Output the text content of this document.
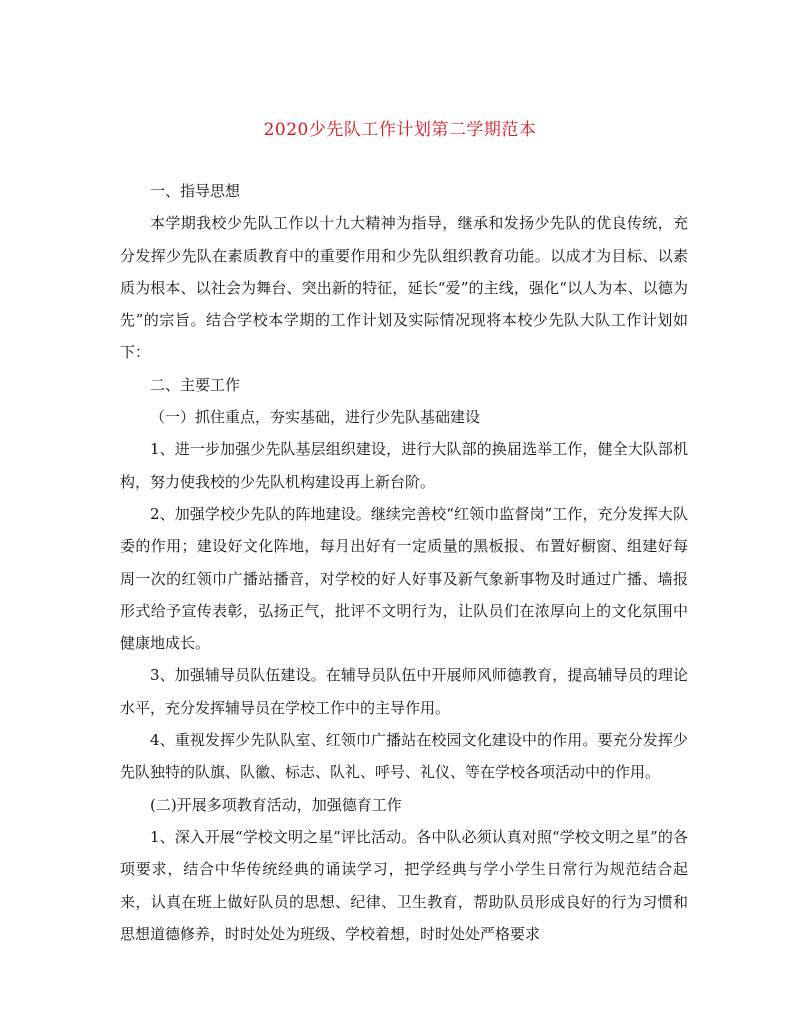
2020少先队工作计划第二学期范本

一、指导思想

本学期我校少先队工作以十九大精神为指导，继承和发扬少先队的优良传统，充分发挥少先队在素质教育中的重要作用和少先队组织教育功能。以成才为目标、以素质为根本、以社会为舞台、突出新的特征，延长“爱”的主线，强化“以人为本、以德为先”的宗旨。结合学校本学期的工作计划及实际情况现将本校少先队大队工作计划如下：

二、主要工作

（一）抓住重点，夯实基础，进行少先队基础建设

1、进一步加强少先队基层组织建设，进行大队部的换届选举工作，健全大队部机构，努力使我校的少先队机构建设再上新台阶。

2、加强学校少先队的阵地建设。继续完善校“红领巾监督岗”工作，充分发挥大队委的作用；建设好文化阵地，每月出好有一定质量的黑板报、布置好橱窗、组建好每周一次的红领巾广播站播音，对学校的好人好事及新气象新事物及时通过广播、墙报形式给予宣传表彰，弘扬正气，批评不文明行为，让队员们在浓厚向上的文化氛围中健康地成长。

3、加强辅导员队伍建设。在辅导员队伍中开展师风师德教育，提高辅导员的理论水平，充分发挥辅导员在学校工作中的主导作用。

4、重视发挥少先队队室、红领巾广播站在校园文化建设中的作用。要充分发挥少先队独特的队旗、队徽、标志、队礼、呼号、礼仪、等在学校各项活动中的作用。

(二)开展多项教育活动，加强德育工作

1、深入开展“学校文明之星”评比活动。各中队必须认真对照“学校文明之星”的各项要求，结合中华传统经典的诵读学习，把学经典与学小学生日常行为规范结合起来，认真在班上做好队员的思想、纪律、卫生教育，帮助队员形成良好的行为习惯和思想道德修养，时时处处为班级、学校着想，时时处处严格要求
